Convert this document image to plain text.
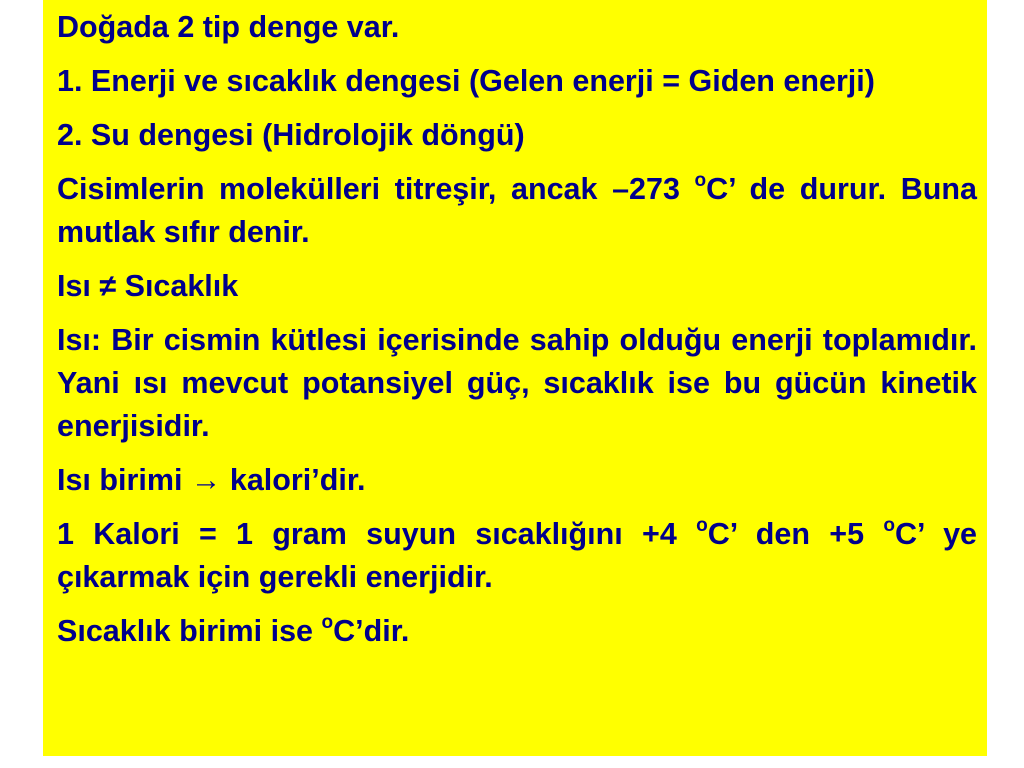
Doğada 2 tip denge var.

1. Enerji ve sıcaklık dengesi (Gelen enerji = Giden enerji)

2. Su dengesi (Hidrolojik döngü)

Cisimlerin molekülleri titreşir, ancak –273 $^o$C’ de durur. Buna mutlak sıfır denir.

Isı ≠ Sıcaklık

Isı: Bir cismin kütlesi içerisinde sahip olduğu enerji toplamıdır. Yani ısı mevcut potansiyel güç, sıcaklık ise bu gücün kinetik enerjisidir.

Isı birimi → kalori’dir.

1 Kalori = 1 gram suyun sıcaklığını +4 $^o$C’ den +5 $^o$C’ ye çıkarmak için gerekli enerjidir.

Sıcaklık birimi ise $^o$C’dir.
